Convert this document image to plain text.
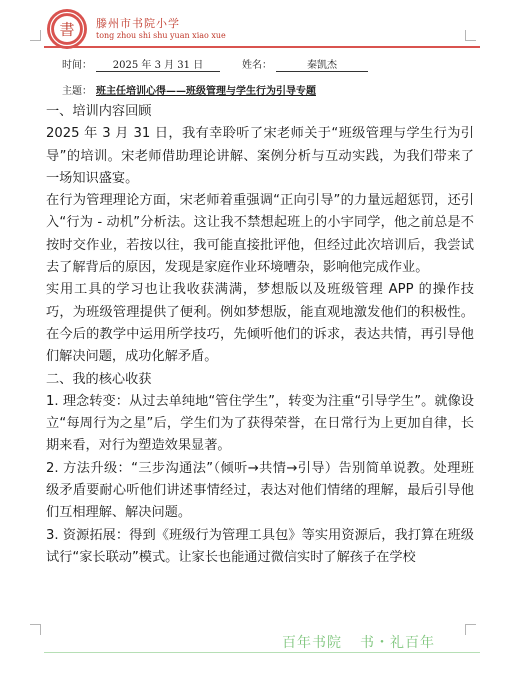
書 滕州市书院小学
tong zhou shi shu yuan xiao xue
时间： 2025 年 3 月 31 日	姓名：	秦凯杰
主题： 班主任培训心得——班级管理与学生行为引导专题

一、培训内容回顾

2025 年 3 月 31 日，我有幸聆听了宋老师关于“班级管理与学生行为引导”的培训。宋老师借助理论讲解、案例分析与互动实践，为我们带来了一场知识盛宴。

在行为管理理论方面，宋老师着重强调“正向引导”的力量远超惩罚，还引入“行为 - 动机”分析法。这让我不禁想起班上的小宇同学，他之前总是不按时交作业，若按以往，我可能直接批评他，但经过此次培训后，我尝试去了解背后的原因，发现是家庭作业环境嘈杂，影响他完成作业。

实用工具的学习也让我收获满满，梦想版以及班级管理 APP 的操作技巧，为班级管理提供了便利。例如梦想版，能直观地激发他们的积极性。在今后的教学中运用所学技巧，先倾听他们的诉求，表达共情，再引导他们解决问题，成功化解矛盾。

二、我的核心收获

1. 理念转变：从过去单纯地“管住学生”，转变为注重“引导学生”。就像设立“每周行为之星”后，学生们为了获得荣誉，在日常行为上更加自律，长期来看，对行为塑造效果显著。

2. 方法升级：“三步沟通法”（倾听→共情→引导）告别简单说教。处理班级矛盾要耐心听他们讲述事情经过，表达对他们情绪的理解，最后引导他们互相理解、解决问题。

3. 资源拓展：得到《班级行为管理工具包》等实用资源后，我打算在班级试行“家长联动”模式。让家长也能通过微信实时了解孩子在学校

百年书院 书・礼百年
